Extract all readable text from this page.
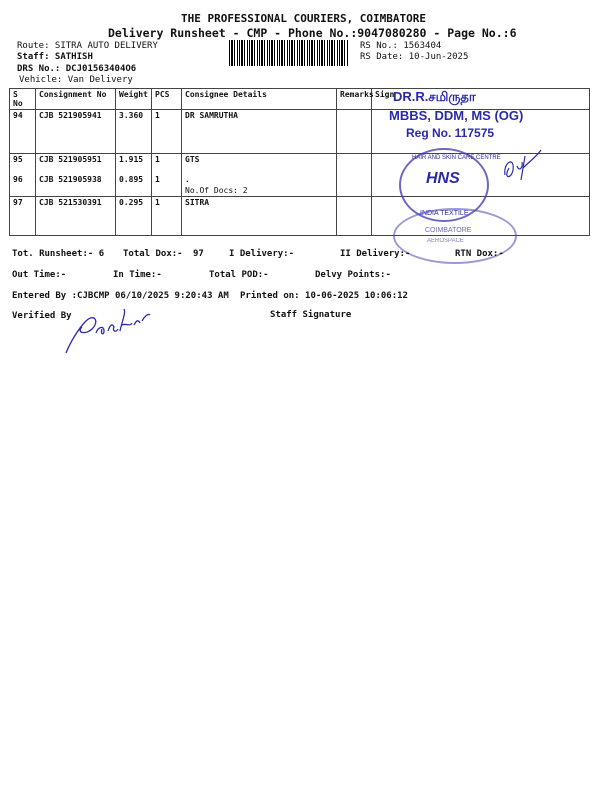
THE PROFESSIONAL COURIERS, COIMBATORE
Delivery Runsheet - CMP - Phone No.:9047080280 - Page No.:6
Route: SITRA AUTO DELIVERY
Staff: SATHISH
DRS No.: DCJ01563404O6
Vehicle: Van Delivery
RS No.: 1563404
RS Date: 10-Jun-2025
S No	Consignment No	Weight	PCS	Consignee Details	Remarks	Sign
94	CJB 521905941	3.360	1	DR SAMRUTHA		
95	CJB 521905951	1.915	1	GTS		
96	CJB 521905938	0.895	1	.
No.Of Docs: 2		

97	CJB 521530391	0.295	1	SITRA		
DR.R.சமிருதா
MBBS, DDM, MS (OG)
Reg No. 117575
HAIR AND SKIN CARE CENTRE
HNS
INDIA TEXTILE
COIMBATORE
AEROSPACE
Tot. Runsheet:- 6 Total Dox:- 97	I Delivery:-	II Delivery:-	RTN Dox:-
Out Time:-	In Time:-	Total POD:-	Delvy Points:-
Entered By :CJBCMP 06/10/2025 9:20:43 AM Printed on: 10-06-2025 10:06:12
Verified By	Staff Signature
